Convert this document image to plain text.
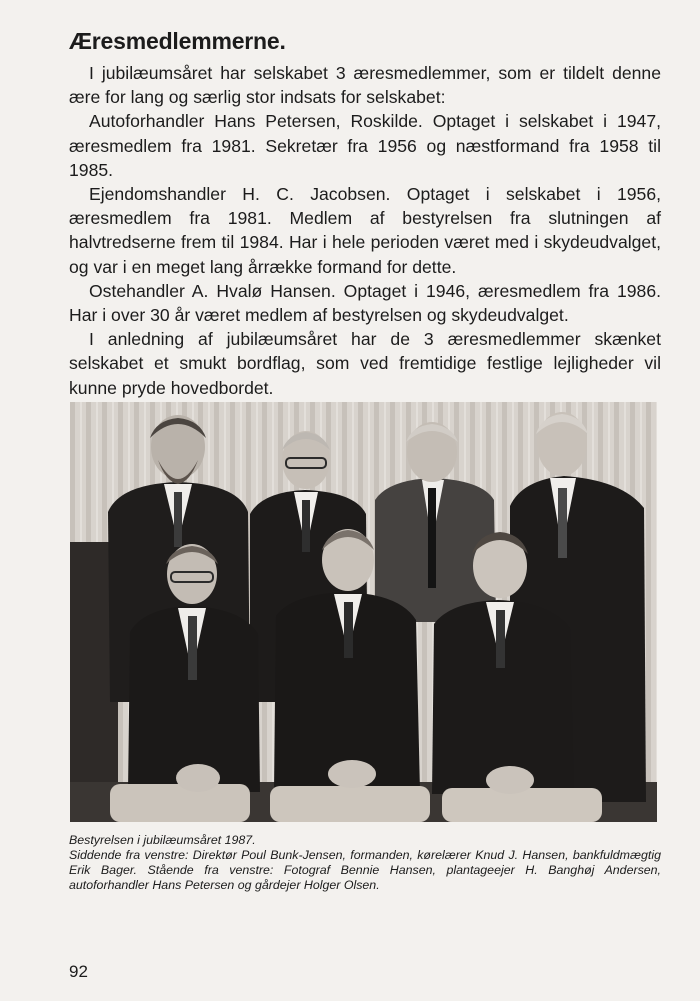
Æresmedlemmerne.

I jubilæumsåret har selskabet 3 æresmedlemmer, som er tildelt denne ære for lang og særlig stor indsats for selskabet:

Autoforhandler Hans Petersen, Roskilde. Optaget i selskabet i 1947, æresmedlem fra 1981. Sekretær fra 1956 og næstformand fra 1958 til 1985.

Ejendomshandler H. C. Jacobsen. Optaget i selskabet i 1956, æresmedlem fra 1981. Medlem af bestyrelsen fra slutningen af halvtredserne frem til 1984. Har i hele perioden været med i skydeudvalget, og var i en meget lang årrække formand for dette.

Ostehandler A. Hvalø Hansen. Optaget i 1946, æresmedlem fra 1986. Har i over 30 år været medlem af bestyrelsen og skydeudvalget.

I anledning af jubilæumsåret har de 3 æresmedlemmer skænket selskabet et smukt bordflag, som ved fremtidige festlige lejligheder vil kunne pryde hovedbordet.

Bestyrelsen i jubilæumsåret 1987.

Siddende fra venstre: Direktør Poul Bunk-Jensen, formanden, kørelærer Knud J. Hansen, bankfuldmægtig Erik Bager. Stående fra venstre: Fotograf Bennie Hansen, plantageejer H. Banghøj Andersen, autoforhandler Hans Petersen og gårdejer Holger Olsen.

92
